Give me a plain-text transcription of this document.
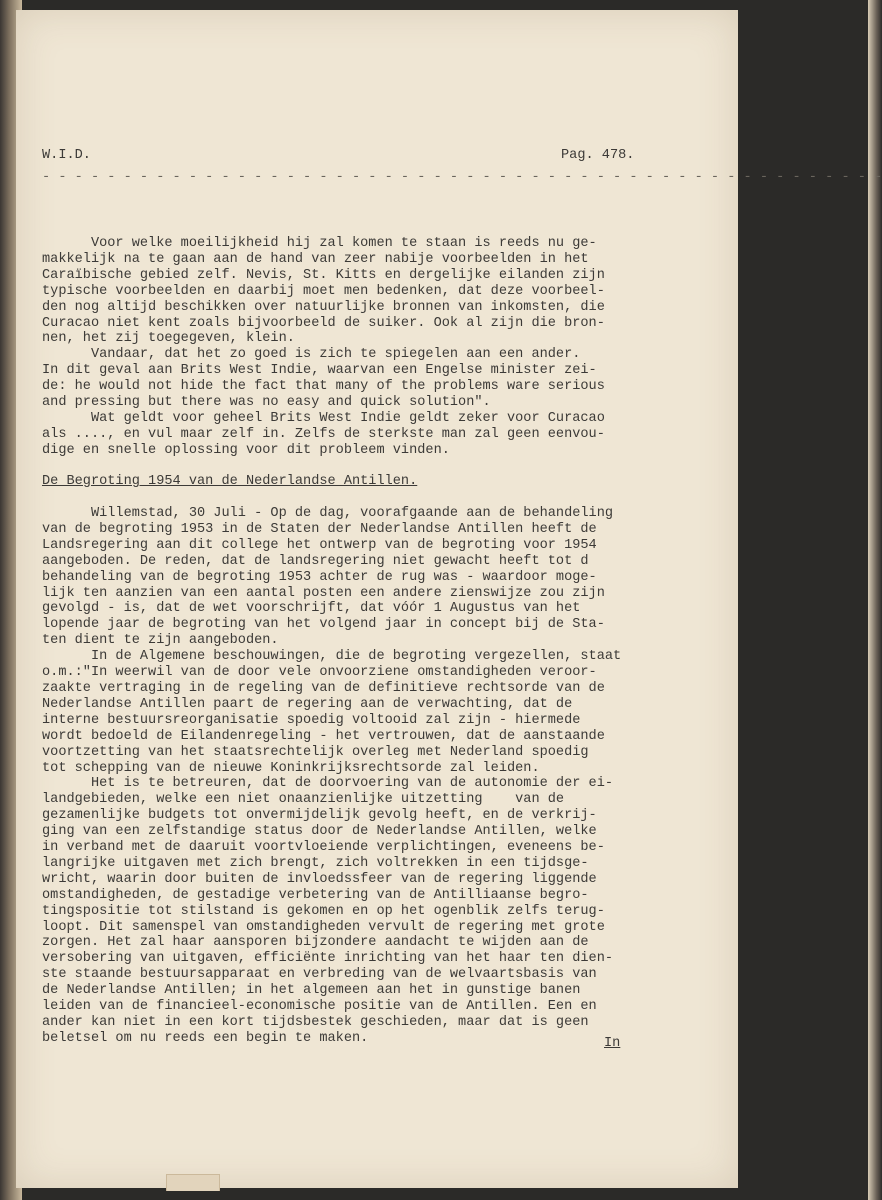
W.I.D.	Pag. 478.
- - - - - - - - - - - - - - - - - - - - - - - - - - - - - - - - - - - - - - - - - - - - - - - - - - - -
Voor welke moeilijkheid hij zal komen te staan is reeds nu ge-
makkelijk na te gaan aan de hand van zeer nabije voorbeelden in het
Caraïbische gebied zelf. Nevis, St. Kitts en dergelijke eilanden zijn
typische voorbeelden en daarbij moet men bedenken, dat deze voorbeel-
den nog altijd beschikken over natuurlijke bronnen van inkomsten, die
Curacao niet kent zoals bijvoorbeeld de suiker. Ook al zijn die bron-
nen, het zij toegegeven, klein.
Vandaar, dat het zo goed is zich te spiegelen aan een ander.
In dit geval aan Brits West Indie, waarvan een Engelse minister zei-
de: he would not hide the fact that many of the problems ware serious
and pressing but there was no easy and quick solution".
Wat geldt voor geheel Brits West Indie geldt zeker voor Curacao
als ...., en vul maar zelf in. Zelfs de sterkste man zal geen eenvou-
dige en snelle oplossing voor dit probleem vinden.
De Begroting 1954 van de Nederlandse Antillen.
Willemstad, 30 Juli - Op de dag, voorafgaande aan de behandeling
van de begroting 1953 in de Staten der Nederlandse Antillen heeft de
Landsregering aan dit college het ontwerp van de begroting voor 1954
aangeboden. De reden, dat de landsregering niet gewacht heeft tot d
behandeling van de begroting 1953 achter de rug was - waardoor moge-
lijk ten aanzien van een aantal posten een andere zienswijze zou zijn
gevolgd - is, dat de wet voorschrijft, dat vóór 1 Augustus van het
lopende jaar de begroting van het volgend jaar in concept bij de Sta-
ten dient te zijn aangeboden.
In de Algemene beschouwingen, die de begroting vergezellen, staat
o.m.:"In weerwil van de door vele onvoorziene omstandigheden veroor-
zaakte vertraging in de regeling van de definitieve rechtsorde van de
Nederlandse Antillen paart de regering aan de verwachting, dat de
interne bestuursreorganisatie spoedig voltooid zal zijn - hiermede
wordt bedoeld de Eilandenregeling - het vertrouwen, dat de aanstaande
voortzetting van het staatsrechtelijk overleg met Nederland spoedig
tot schepping van de nieuwe Koninkrijksrechtsorde zal leiden.
Het is te betreuren, dat de doorvoering van de autonomie der ei-
landgebieden, welke een niet onaanzienlijke uitzetting    van de
gezamenlijke budgets tot onvermijdelijk gevolg heeft, en de verkrij-
ging van een zelfstandige status door de Nederlandse Antillen, welke
in verband met de daaruit voortvloeiende verplichtingen, eveneens be-
langrijke uitgaven met zich brengt, zich voltrekken in een tijdsge-
wricht, waarin door buiten de invloedssfeer van de regering liggende
omstandigheden, de gestadige verbetering van de Antilliaanse begro-
tingspositie tot stilstand is gekomen en op het ogenblik zelfs terug-
loopt. Dit samenspel van omstandigheden vervult de regering met grote
zorgen. Het zal haar aansporen bijzondere aandacht te wijden aan de
versobering van uitgaven, efficiënte inrichting van het haar ten dien-
ste staande bestuursapparaat en verbreding van de welvaartsbasis van
de Nederlandse Antillen; in het algemeen aan het in gunstige banen
leiden van de financieel-economische positie van de Antillen. Een en
ander kan niet in een kort tijdsbestek geschieden, maar dat is geen
beletsel om nu reeds een begin te maken.	In
